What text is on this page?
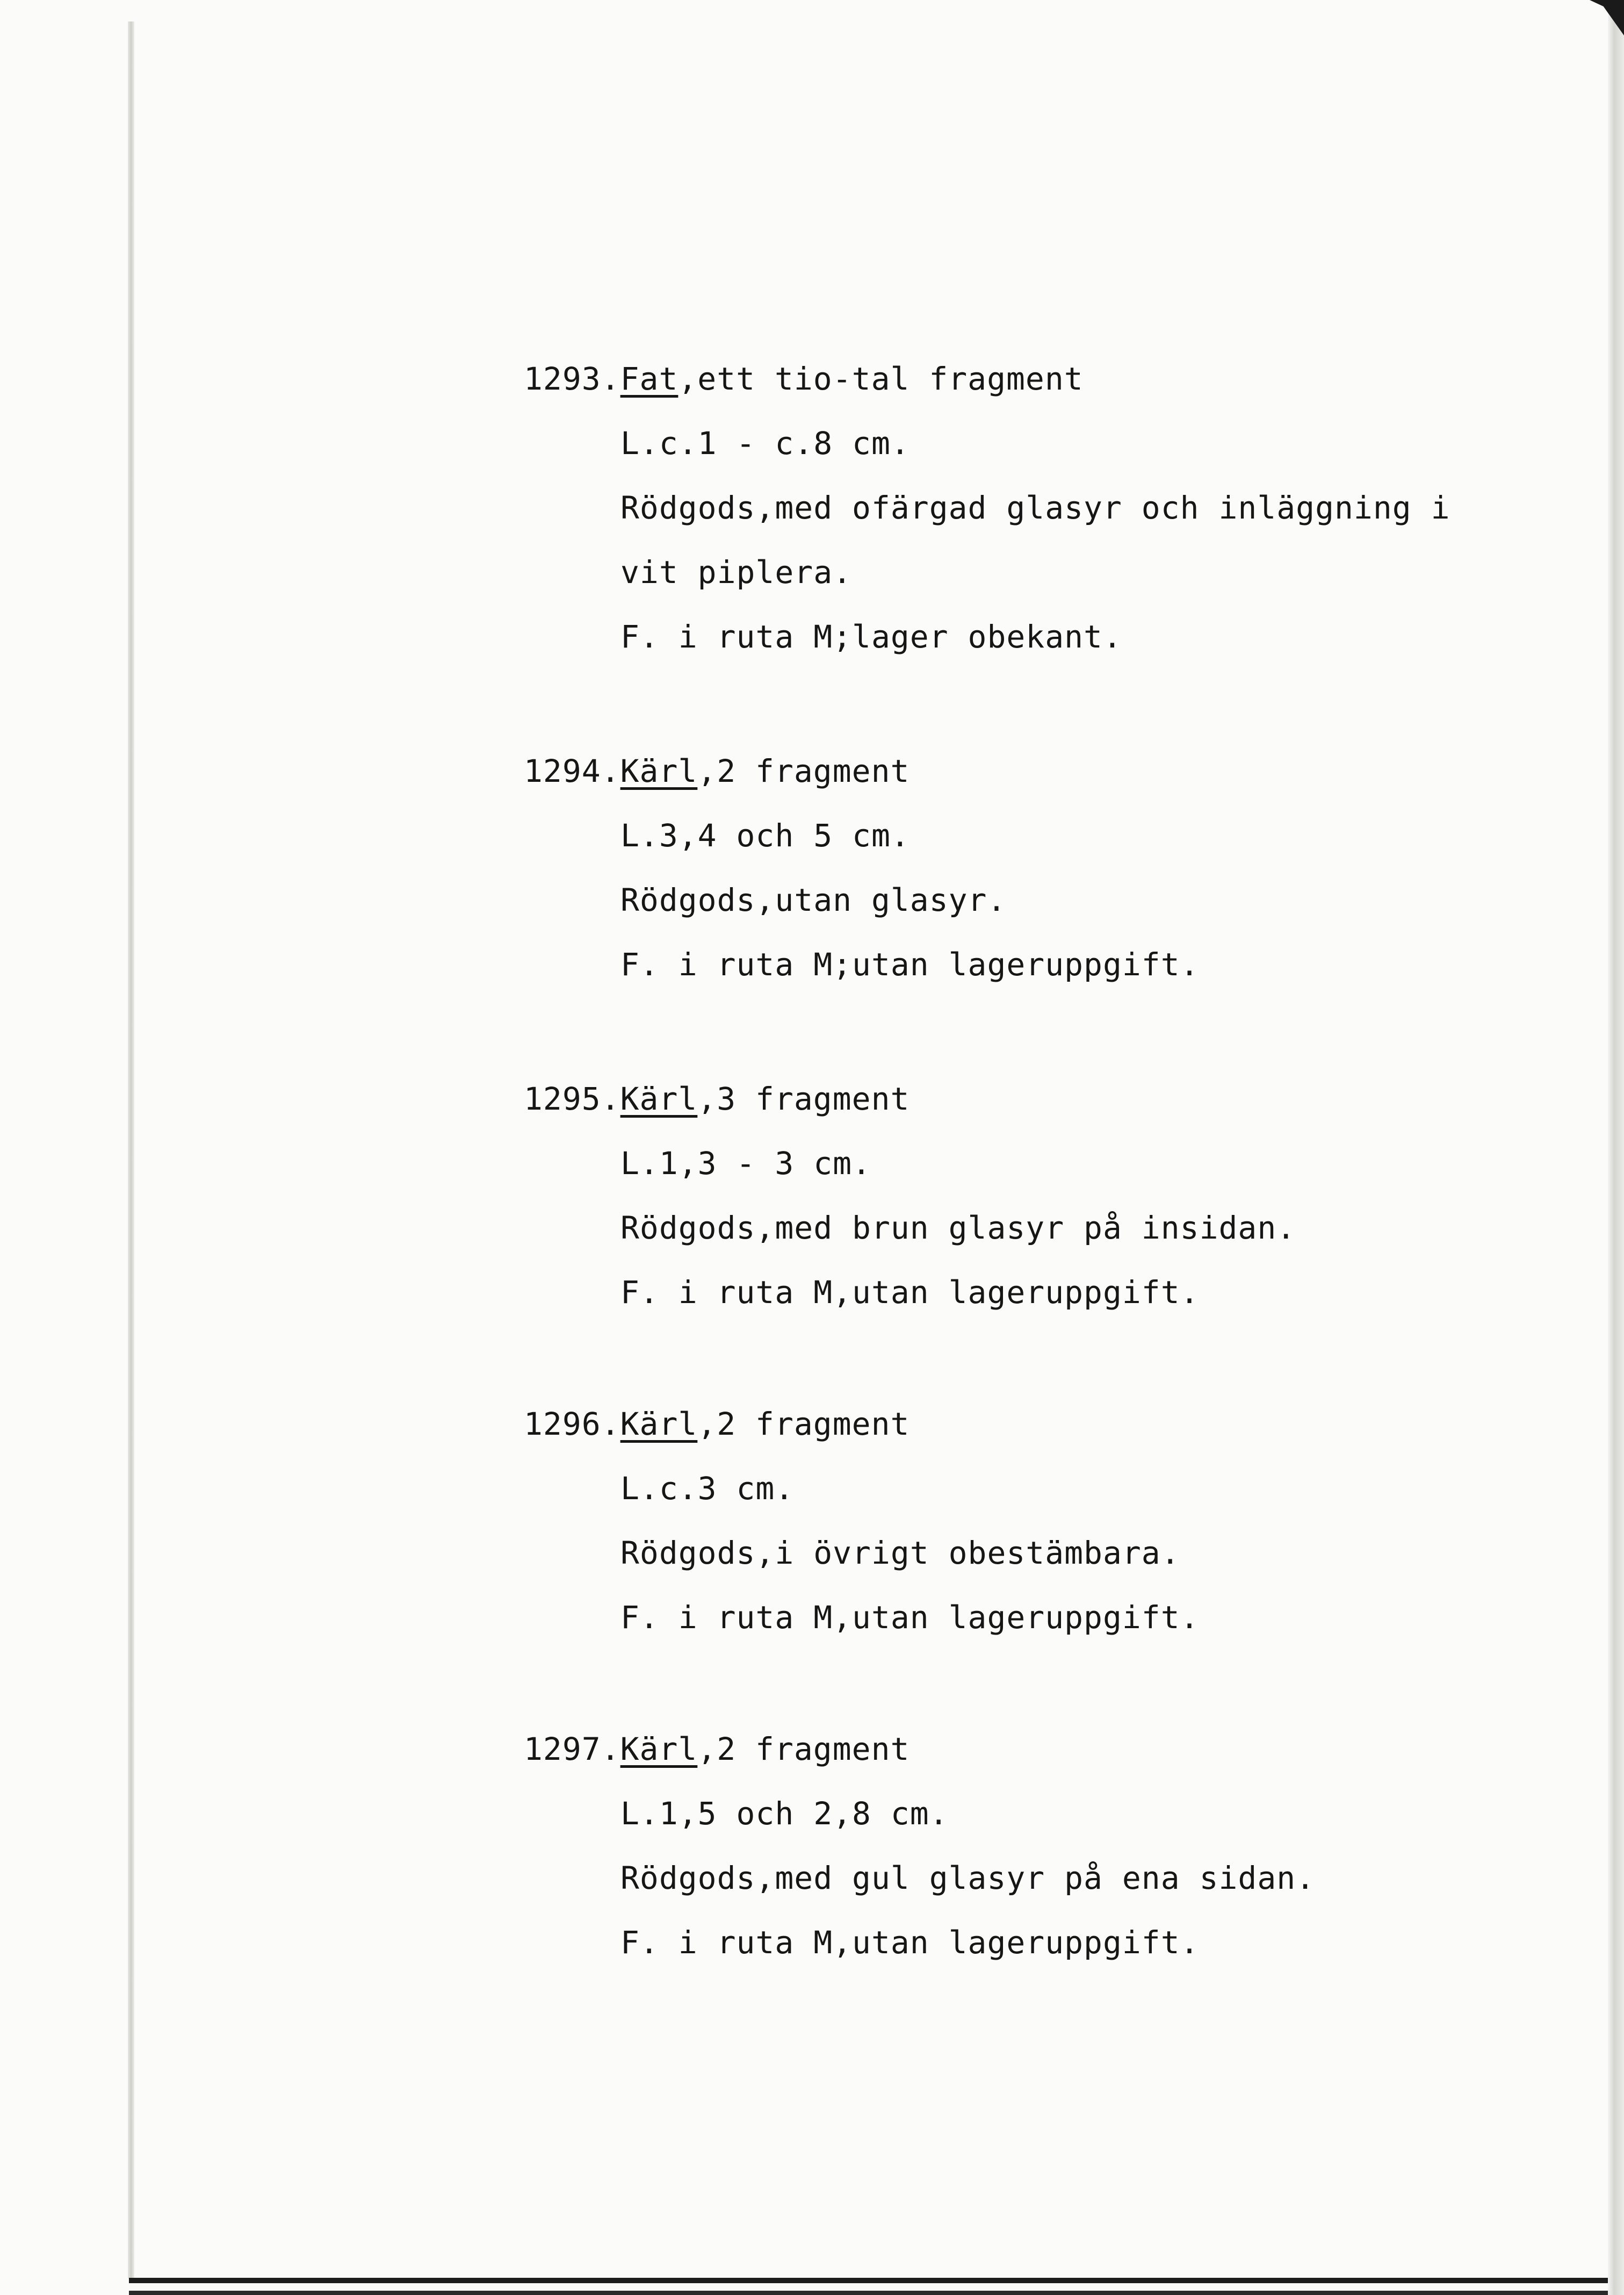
1293.Fat,ett tio-tal fragment
L.c.1 - c.8 cm.
Rödgods,med ofärgad glasyr och inläggning i
vit piplera.
F. i ruta M;lager obekant.
1294.Kärl,2 fragment
L.3,4 och 5 cm.
Rödgods,utan glasyr.
F. i ruta M;utan lageruppgift.
1295.Kärl,3 fragment
L.1,3 - 3 cm.
Rödgods,med brun glasyr på insidan.
F. i ruta M,utan lageruppgift.
1296.Kärl,2 fragment
L.c.3 cm.
Rödgods,i övrigt obestämbara.
F. i ruta M,utan lageruppgift.
1297.Kärl,2 fragment
L.1,5 och 2,8 cm.
Rödgods,med gul glasyr på ena sidan.
F. i ruta M,utan lageruppgift.
